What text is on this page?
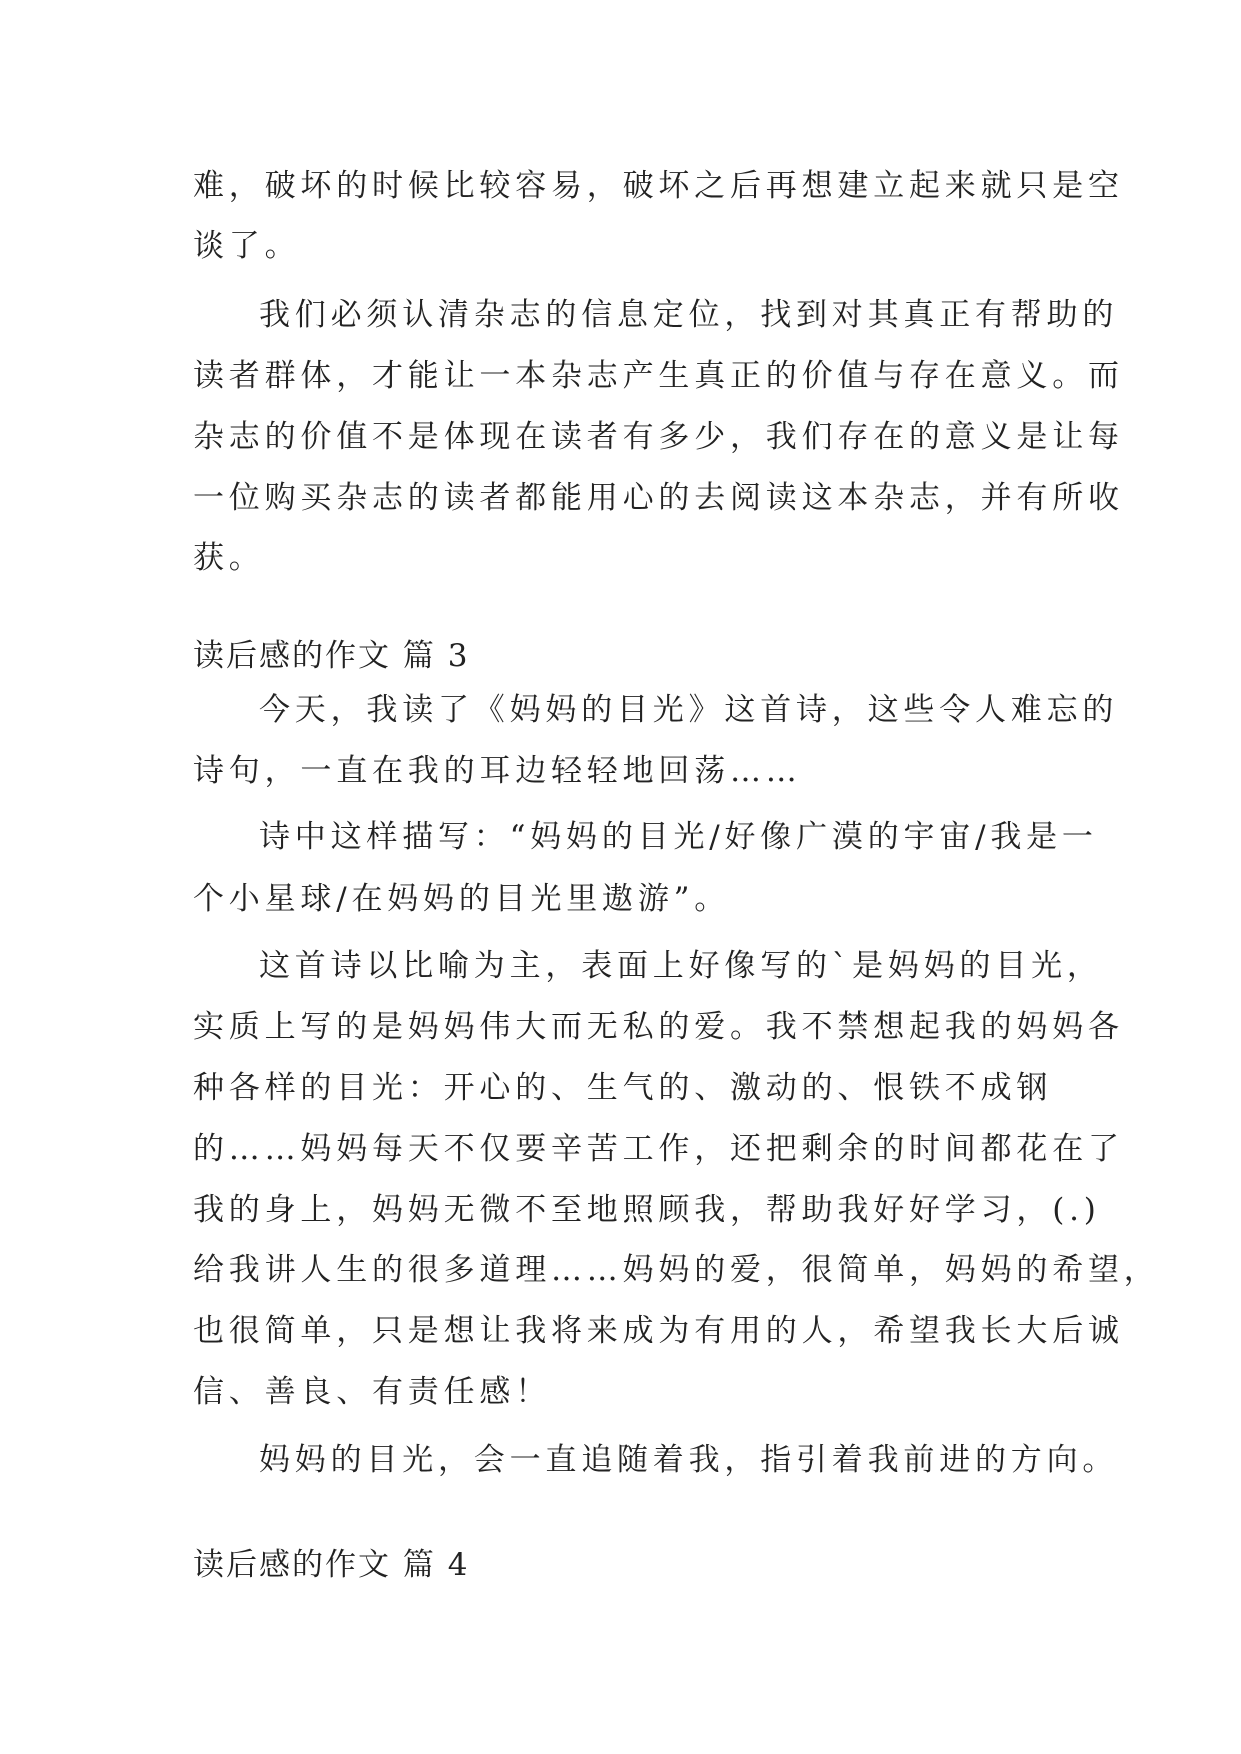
难，破坏的时候比较容易，破坏之后再想建立起来就只是空
谈了。
我们必须认清杂志的信息定位，找到对其真正有帮助的
读者群体，才能让一本杂志产生真正的价值与存在意义。而
杂志的价值不是体现在读者有多少，我们存在的意义是让每
一位购买杂志的读者都能用心的去阅读这本杂志，并有所收
获。
读后感的作文 篇 3
今天，我读了《妈妈的目光》这首诗，这些令人难忘的
诗句，一直在我的耳边轻轻地回荡……
诗中这样描写：“妈妈的目光/好像广漠的宇宙/我是一
个小星球/在妈妈的目光里遨游”。
这首诗以比喻为主，表面上好像写的`是妈妈的目光，
实质上写的是妈妈伟大而无私的爱。我不禁想起我的妈妈各
种各样的目光：开心的、生气的、激动的、恨铁不成钢
的……妈妈每天不仅要辛苦工作，还把剩余的时间都花在了
我的身上，妈妈无微不至地照顾我，帮助我好好学习，(.)
给我讲人生的很多道理……妈妈的爱，很简单，妈妈的希望，
也很简单，只是想让我将来成为有用的人，希望我长大后诚
信、善良、有责任感！
妈妈的目光，会一直追随着我，指引着我前进的方向。
读后感的作文 篇 4
